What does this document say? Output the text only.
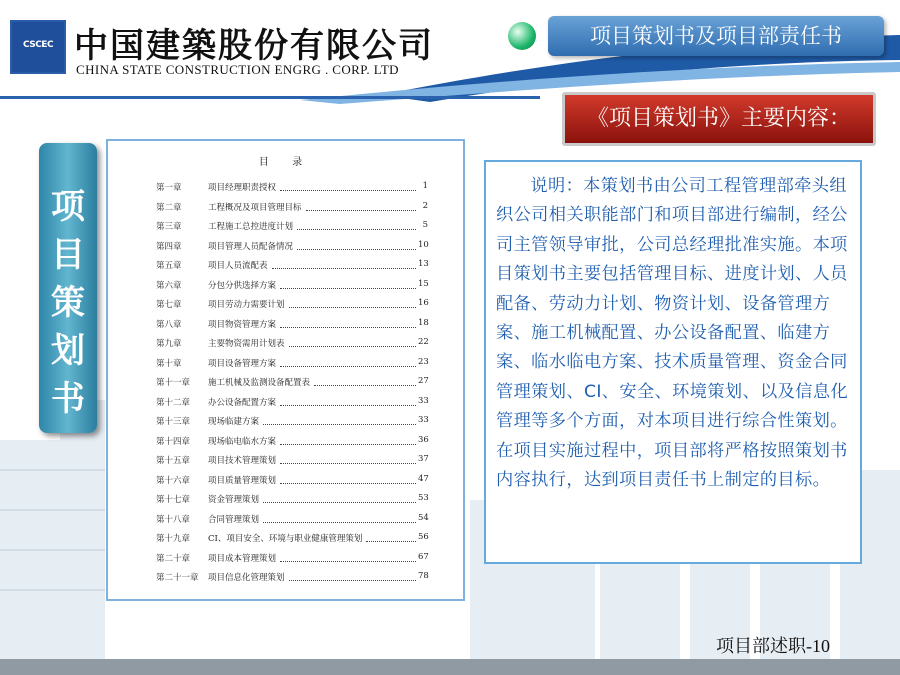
CSCEC 中国建築股份有限公司
CHINA STATE CONSTRUCTION ENGRG . CORP. LTD
项目策划书及项目部责任书
《项目策划书》主要内容：
项
目
策
划
书
目 录
第一章	项目经理职责授权	1
第二章	工程概况及项目管理目标	2
第三章	工程施工总控进度计划	5
第四章	项目管理人员配备情况	10
第五章	项目人员流配表	13
第六章	分包分供选择方案	15
第七章	项目劳动力需要计划	16
第八章	项目物资管理方案	18
第九章	主要物资需用计划表	22
第十章	项目设备管理方案	23
第十一章	施工机械及监测设备配置表	27
第十二章	办公设备配置方案	33
第十三章	现场临建方案	33
第十四章	现场临电临水方案	36
第十五章	项目技术管理策划	37
第十六章	项目质量管理策划	47
第十七章	资金管理策划	53
第十八章	合同管理策划	54
第十九章	CI、项目安全、环境与职业健康管理策划	56
第二十章	项目成本管理策划	67
第二十一章	项目信息化管理策划	78

说明：本策划书由公司工程管理部牵头组织公司相关职能部门和项目部进行编制，经公司主管领导审批，公司总经理批准实施。本项目策划书主要包括管理目标、进度计划、人员配备、劳动力计划、物资计划、设备管理方案、施工机械配置、办公设备配置、临建方案、临水临电方案、技术质量管理、资金合同管理策划、CI、安全、环境策划、以及信息化管理等多个方面，对本项目进行综合性策划。在项目实施过程中，项目部将严格按照策划书内容执行，达到项目责任书上制定的目标。

项目部述职-10
